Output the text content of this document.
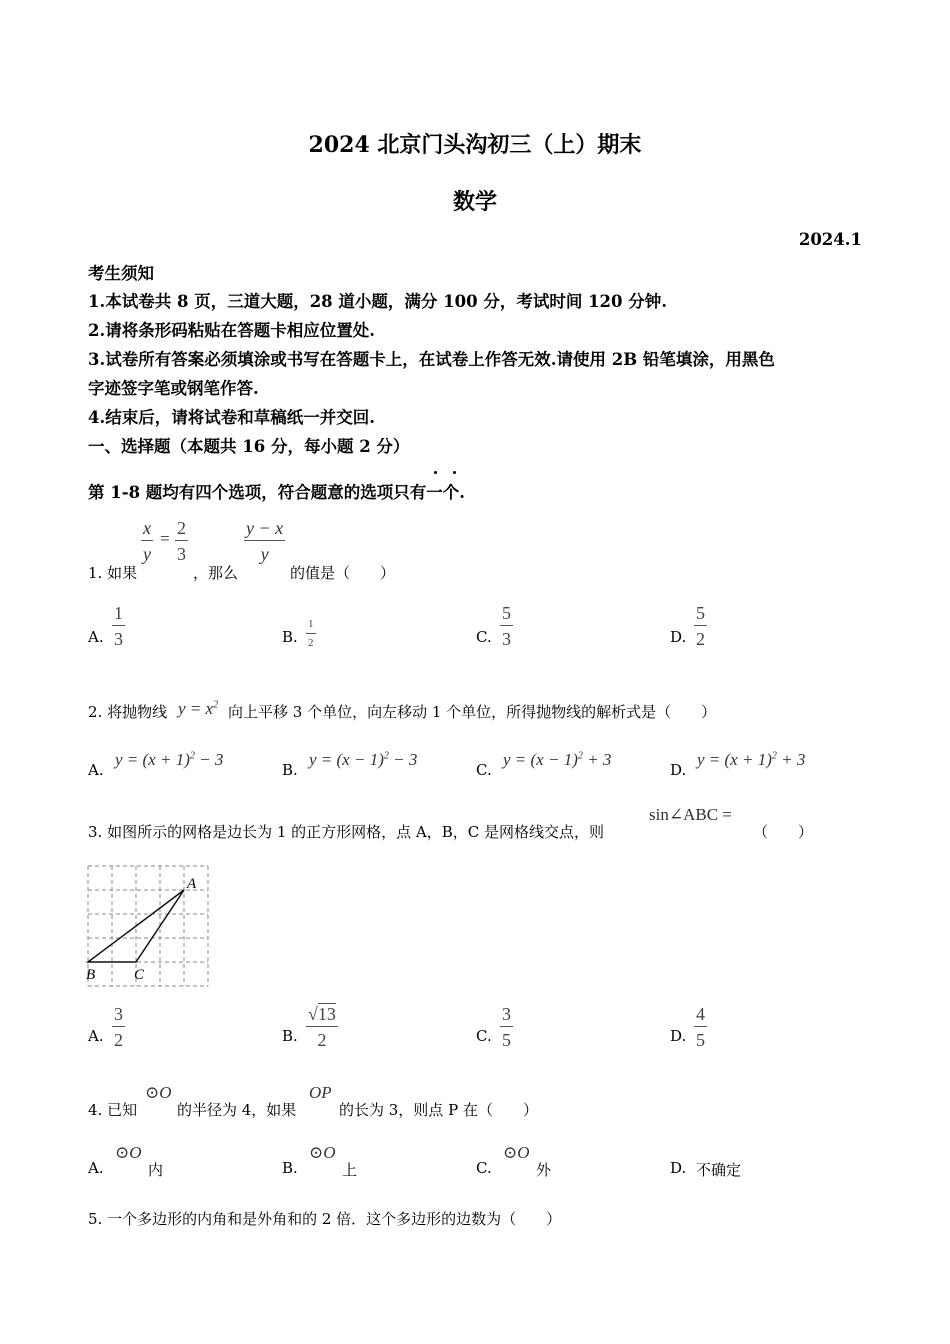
2024 北京门头沟初三（上）期末
数学
2024.1
考生须知
1.本试卷共 8 页，三道大题，28 道小题，满分 100 分，考试时间 120 分钟.
2.请将条形码粘贴在答题卡相应位置处.
3.试卷所有答案必须填涂或书写在答题卡上，在试卷上作答无效.请使用 2B 铅笔填涂，用黑色
字迹签字笔或钢笔作答.
4.结束后，请将试卷和草稿纸一并交回.
一、选择题（本题共 16 分，每小题 2 分）
第 1-8 题均有四个选项，符合题意的选项只有一个.
1. 如果
x
y
=
2
3
，那么
y − x
y
的值是（　　）
A.
1
3	B.
1
2	C.
5
3	D.
5
2
2. 将抛物线 $y = x^2$ 向上平移 3 个单位，向左移动 1 个单位，所得抛物线的解析式是（　　）
A.
$y = (x + 1)^2 - 3$
B.
$y = (x - 1)^2 - 3$
C.
$y = (x - 1)^2 + 3$
D.
$y = (x + 1)^2 + 3$
3. 如图所示的网格是边长为 1 的正方形网格，点 A，B，C 是网格线交点，则
sin∠ABC =
（　　）
A
B	C
A.
3
2	B.
√13
2	C.
3
5	D.
4
5
4. 已知
⊙O
的半径为 4，如果
OP
的长为 3，则点 P 在（　　）
A.
⊙O
内	B.
⊙O
上	C.
⊙O
外	D. 不确定
5. 一个多边形的内角和是外角和的 2 倍．这个多边形的边数为（　　）
